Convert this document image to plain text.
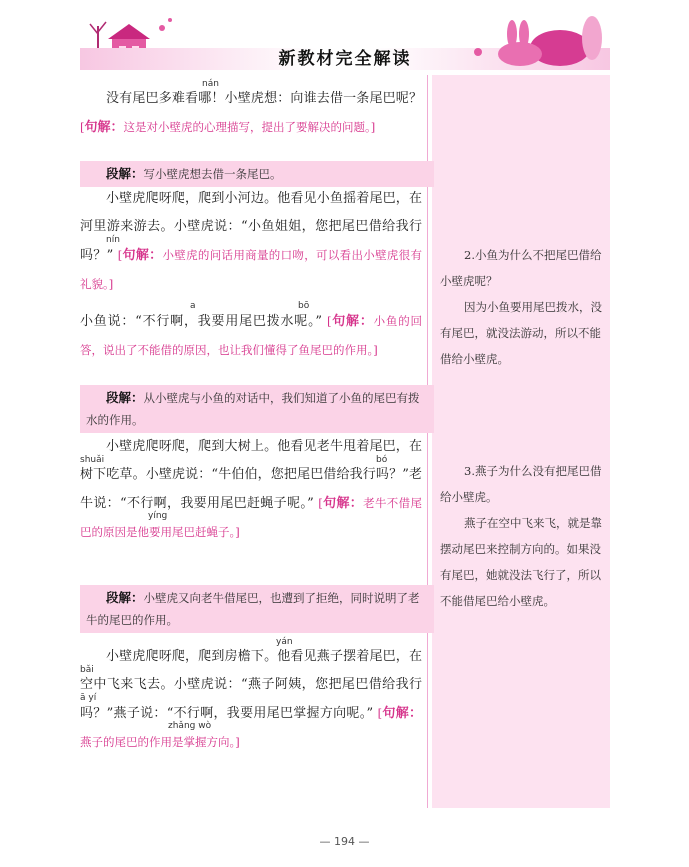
新教材完全解读
nán

没有尾巴多难看哪！小壁虎想：向谁去借一条尾巴呢？ [句解：这是对小壁虎的心理描写，提出了要解决的问题。]

段解：写小壁虎想去借一条尾巴。
nín

小壁虎爬呀爬，爬到小河边。他看见小鱼摇着尾巴，在河里游来游去。小壁虎说：“小鱼姐姐，您把尾巴借给我行吗？” [句解：小壁虎的问话用商量的口吻，可以看出小壁虎很有礼貌。]

a	bō

小鱼说：“不行啊，我要用尾巴拨水呢。” [句解：小鱼的回答，说出了不能借的原因，也让我们懂得了鱼尾巴的作用。]

段解：从小壁虎与小鱼的对话中，我们知道了小鱼的尾巴有拨水的作用。
shuǎi	bó
yíng

小壁虎爬呀爬，爬到大树上。他看见老牛甩着尾巴，在树下吃草。小壁虎说：“牛伯伯，您把尾巴借给我行吗？”老牛说：“不行啊，我要用尾巴赶蝇子呢。” [句解：老牛不借尾巴的原因是他要用尾巴赶蝇子。]

段解：小壁虎又向老牛借尾巴，也遭到了拒绝，同时说明了老牛的尾巴的作用。
yán
bǎi
ā yí
zhǎng wò

小壁虎爬呀爬，爬到房檐下。他看见燕子摆着尾巴，在空中飞来飞去。小壁虎说：“燕子阿姨，您把尾巴借给我行吗？”燕子说：“不行啊，我要用尾巴掌握方向呢。” [句解：燕子的尾巴的作用是掌握方向。]

2.小鱼为什么不把尾巴借给小壁虎呢？

因为小鱼要用尾巴拨水，没有尾巴，就没法游动，所以不能借给小壁虎。

3.燕子为什么没有把尾巴借给小壁虎。

燕子在空中飞来飞，就是靠摆动尾巴来控制方向的。如果没有尾巴，她就没法飞行了，所以不能借尾巴给小壁虎。

— 194 —
